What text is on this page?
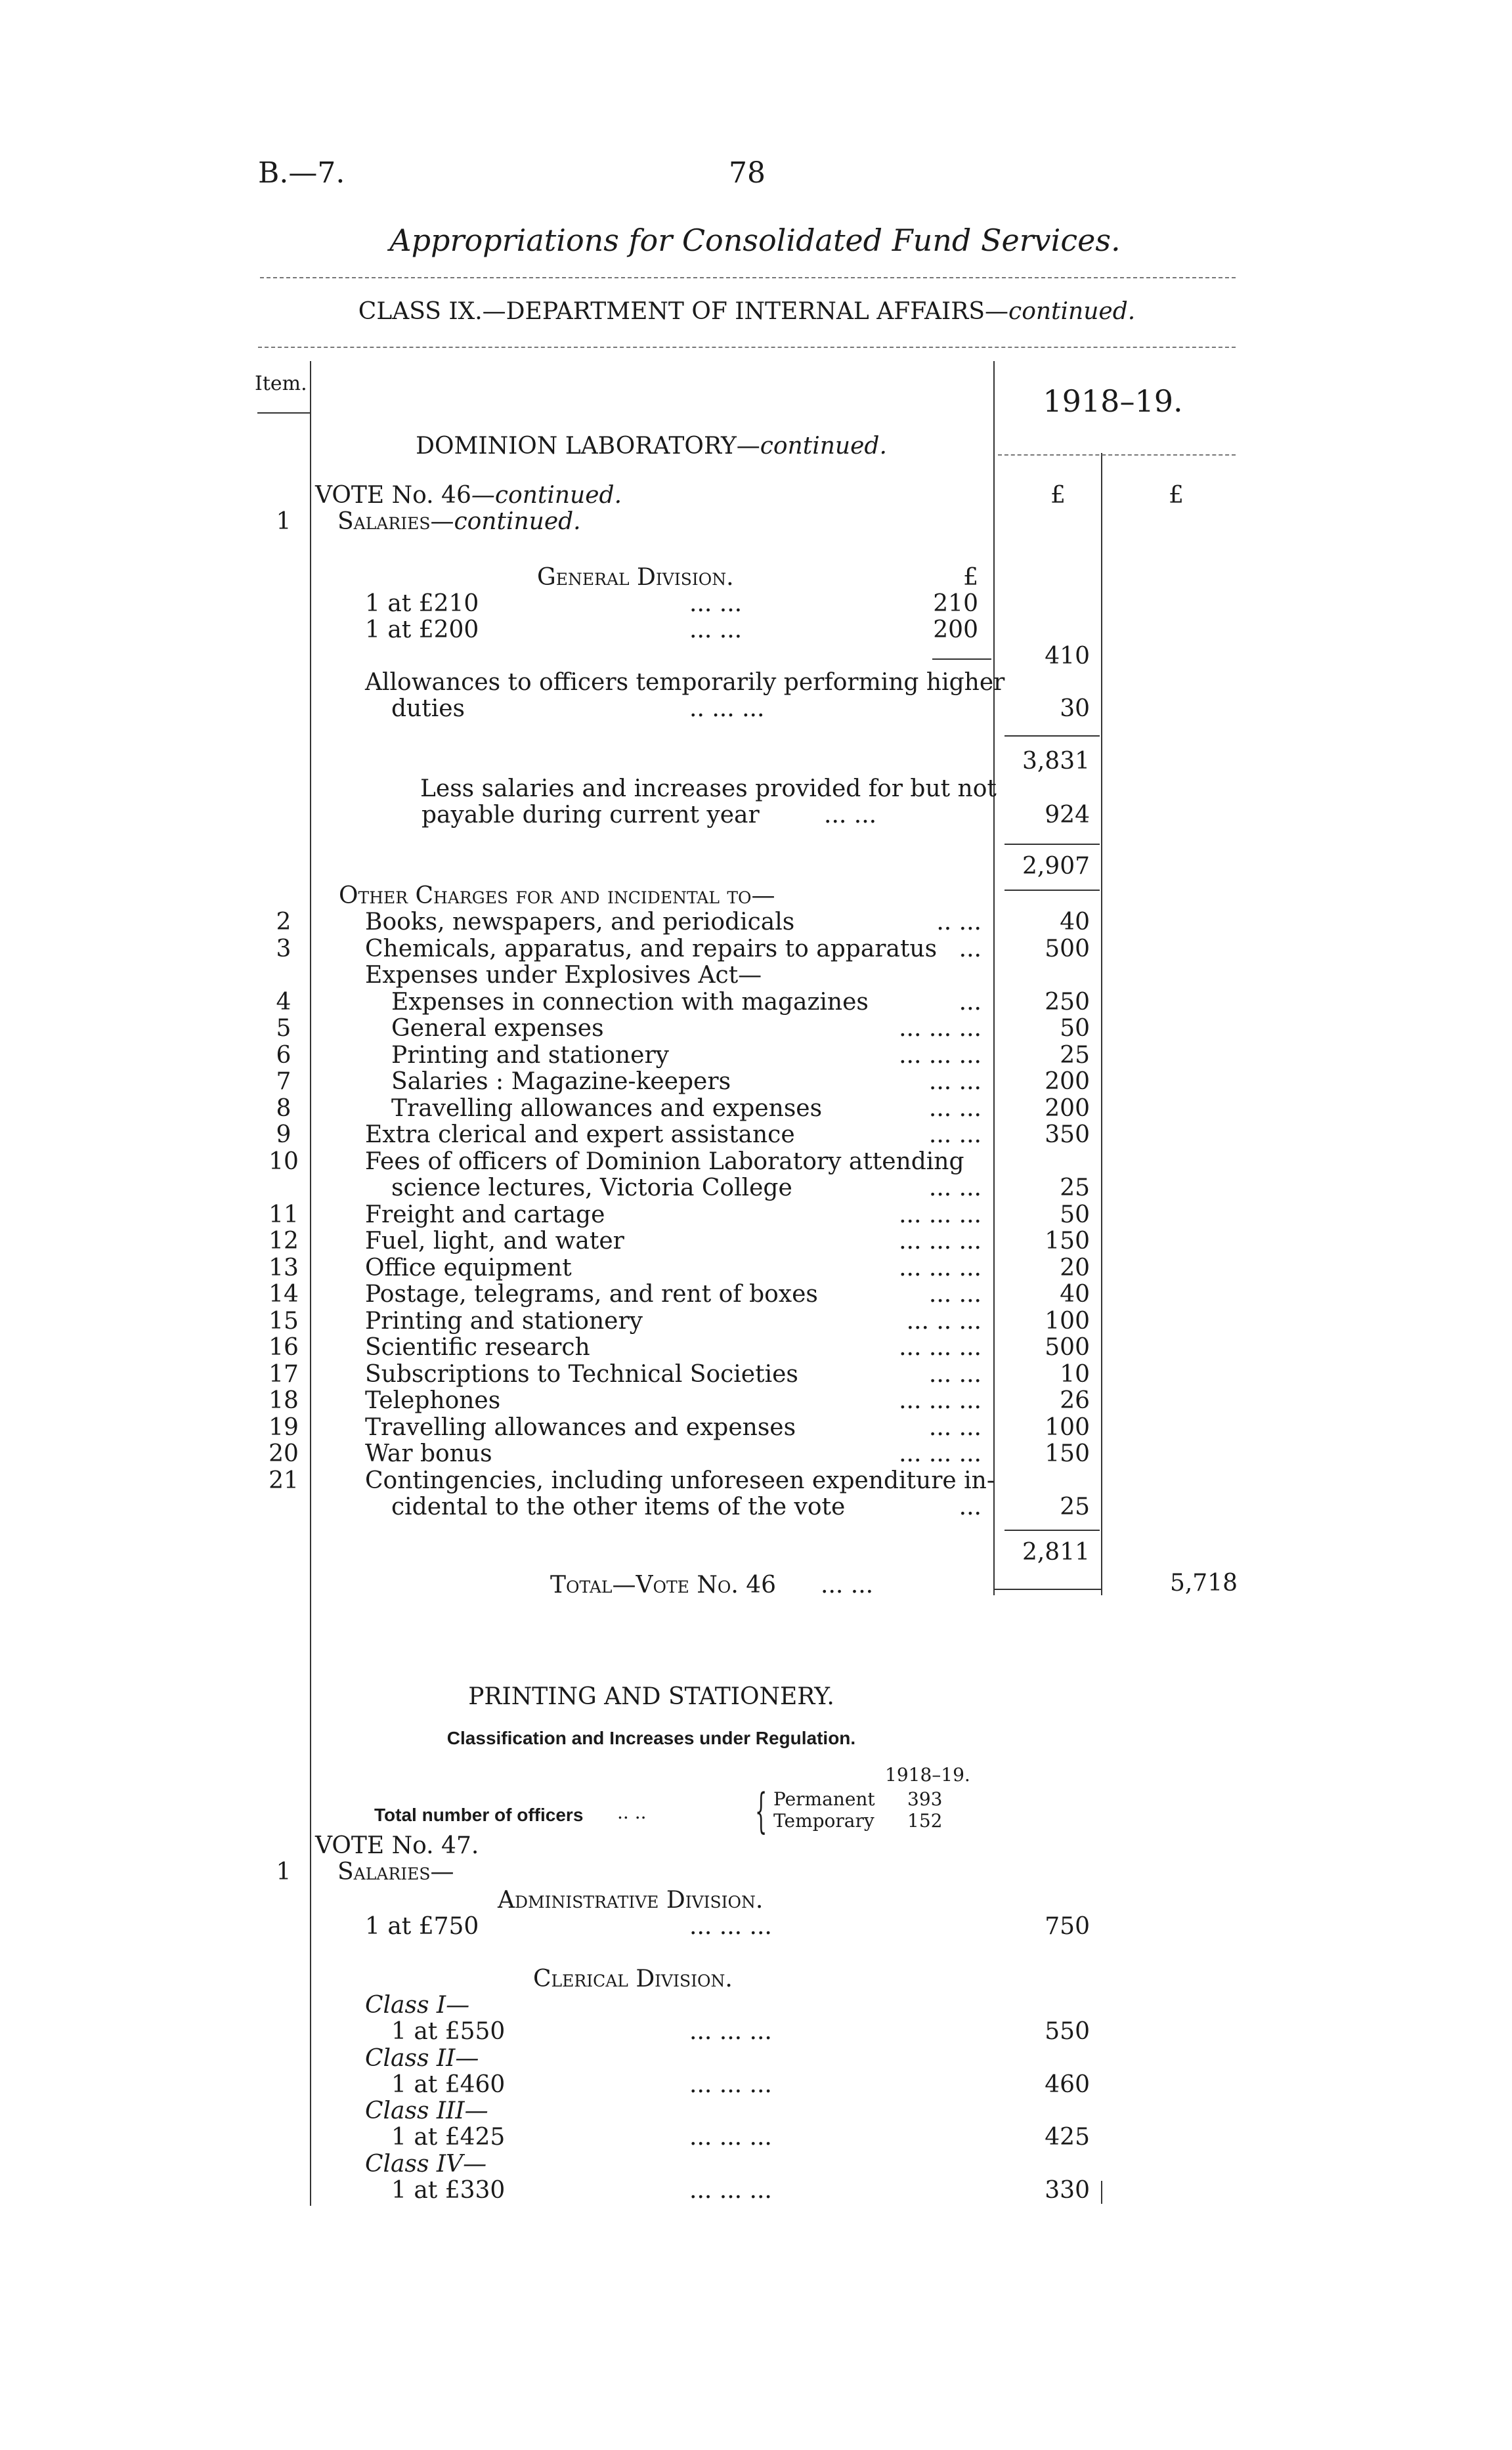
B.—7.	78
Appropriations for Consolidated Fund Services.
CLASS IX.—DEPARTMENT OF INTERNAL AFFAIRS—continued.
Item.	1918–19.
£	£
DOMINION LABORATORY—continued.
VOTE No. 46—continued.
1	Salaries—continued.
General Division.	£
1 at £210	... ...	210
1 at £200	... ...	200
410
Allowances to officers temporarily performing higher
duties	.. ... ...	30
3,831
Less salaries and increases provided for but not
payable during current year	... ...	924
2,907
Other Charges for and incidental to—
2	Books, newspapers, and periodicals	.. ...	40
3	Chemicals, apparatus, and repairs to apparatus ...	500
Expenses under Explosives Act—
4	Expenses in connection with magazines	...	250
5	General expenses	... ... ...	50
6	Printing and stationery	... ... ...	25
7	Salaries : Magazine-keepers	... ...	200
8	Travelling allowances and expenses	... ...	200
9	Extra clerical and expert assistance	... ...	350
10	Fees of officers of Dominion Laboratory attending
science lectures, Victoria College	... ...	25
11	Freight and cartage	... ... ...	50
12	Fuel, light, and water	... ... ...	150
13	Office equipment	... ... ...	20
14	Postage, telegrams, and rent of boxes	... ...	40
15	Printing and stationery	... .. ...	100
16	Scientific research	... ... ...	500
17	Subscriptions to Technical Societies	... ...	10
18	Telephones	... ... ...	26
19	Travelling allowances and expenses	... ...	100
20	War bonus	... ... ...	150
21	Contingencies, including unforeseen expenditure in-
cidental to the other items of the vote	...	25
2,811
Total—Vote No. 46 ... ...	5,718
PRINTING AND STATIONERY.
Classification and Increases under Regulation.
1918–19.
Total number of officers .. .. { Permanent 393
Temporary 152
VOTE No. 47.
1	Salaries—
Administrative Division.
1 at £750	... ... ...	750
Clerical Division.
Class I—
1 at £550	... ... ...	550
Class II—
1 at £460	... ... ...	460
Class III—
1 at £425	... ... ...	425
Class IV—
1 at £330	... ... ...	330
